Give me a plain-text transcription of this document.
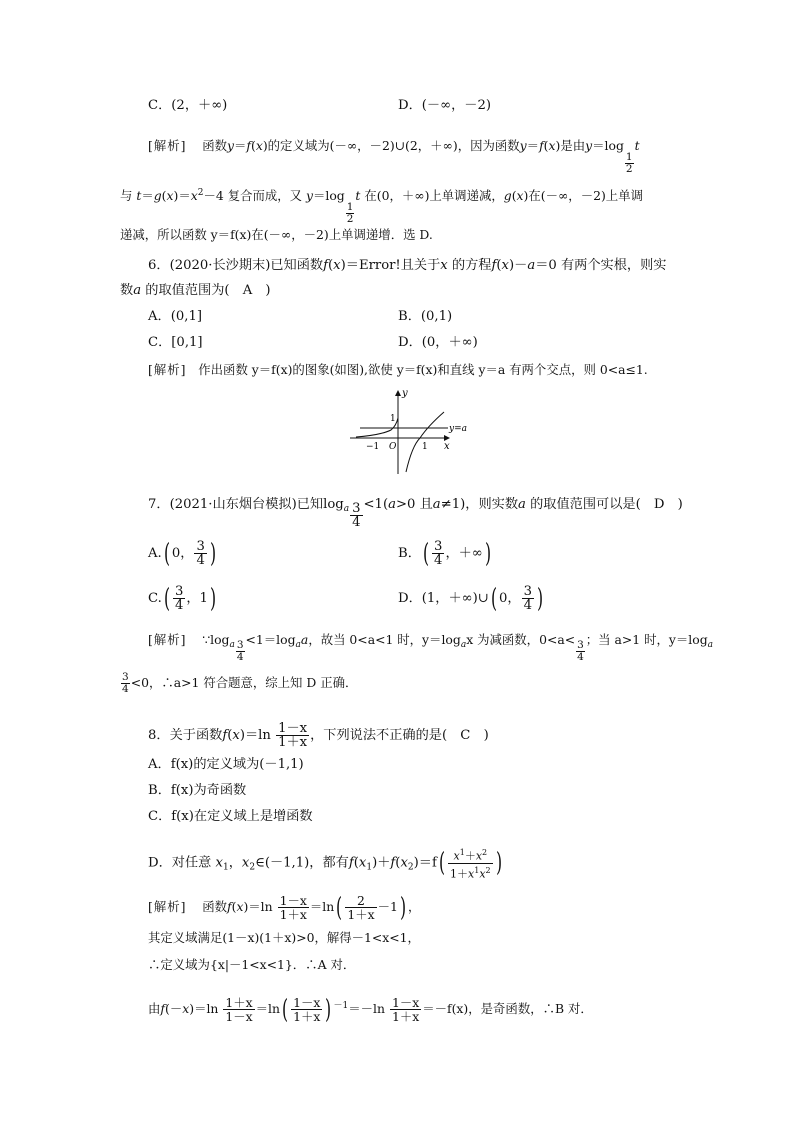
C．(2，＋∞)	D．(－∞，－2)
[解析] 函数y＝f(x)的定义域为(－∞，－2)∪(2，＋∞)，因为函数y＝f(x)是由y＝log
$\frac{1}{2}$
t
与 $t=g(x)=x^2-4$ 复合而成，又 y＝log
$\frac{1}{2}$
t 在(0，＋∞)上单调递减，g(x)在(－∞，－2)上单调
递减，所以函数 y＝f(x)在(－∞，－2)上单调递增．选 D.
6．(2020·长沙期末)已知函数f(x)＝Error!且关于x 的方程f(x)－a＝0 有两个实根，则实
数a 的取值范围为(　A　)
A．(0,1]	B．(0,1)
C．[0,1]	D．(0，＋∞)
[解析] 作出函数 y＝f(x)的图象(如图),欲使 y＝f(x)和直线 y＝a 有两个交点，则 0<a≤1.
y
x
1
−1 O	1
y=a
7．(2021·山东烟台模拟)已知$\log_a \frac{3}{4} <1(a>0$ 且a≠1)，则实数a 的取值范围可以是(　D　)
A.( 0， $\frac{3}{4}$ )	B．( $\frac{3}{4}$ ，＋∞)
$C.( \frac{3}{4}$ ，1)	D．(1，＋∞)∪( 0， $\frac{3}{4}$ )
[解析] $\because\log_a \frac{3}{4}$
$<1=\log_aa$，故当 0<a<1 时，$y=\log_ax$ 为减函数，0<a<
$\frac{3}{4}$
；当 a>1 时，$y=\log_a$
$\frac{3}{4} <0$，∴a>1 符合题意，综上知 D 正确．
8．关于函数$f(x)=\ln \frac{1-x}{1+x}$ ，下列说法不正确的是(　C　)
A．f(x)的定义域为(－1,1)
B．f(x)为奇函数
C．f(x)在定义域上是增函数
D．对任意 $x_1$，$x_2\in(-1,1)$，都有$f(x_1)+f(x_2)=f( \frac{x^1+x^2}{1+x^1x^2}$ )
[解析] 函数$f(x)=\ln \frac{1-x}{1+x} =\ln( \frac{2}{1+x} -1)$ ，
其定义域满足(1－x)(1＋x)>0，解得－1<x<1，
∴定义域为{x|－1<x<1}．∴A 对．
由$f(-x)=\ln \frac{1+x}{1-x} =\ln( \frac{1-x}{1+x}$ ) $^{-1}=-\ln \frac{1-x}{1+x} =-f(x)$，是奇函数，∴B 对．
